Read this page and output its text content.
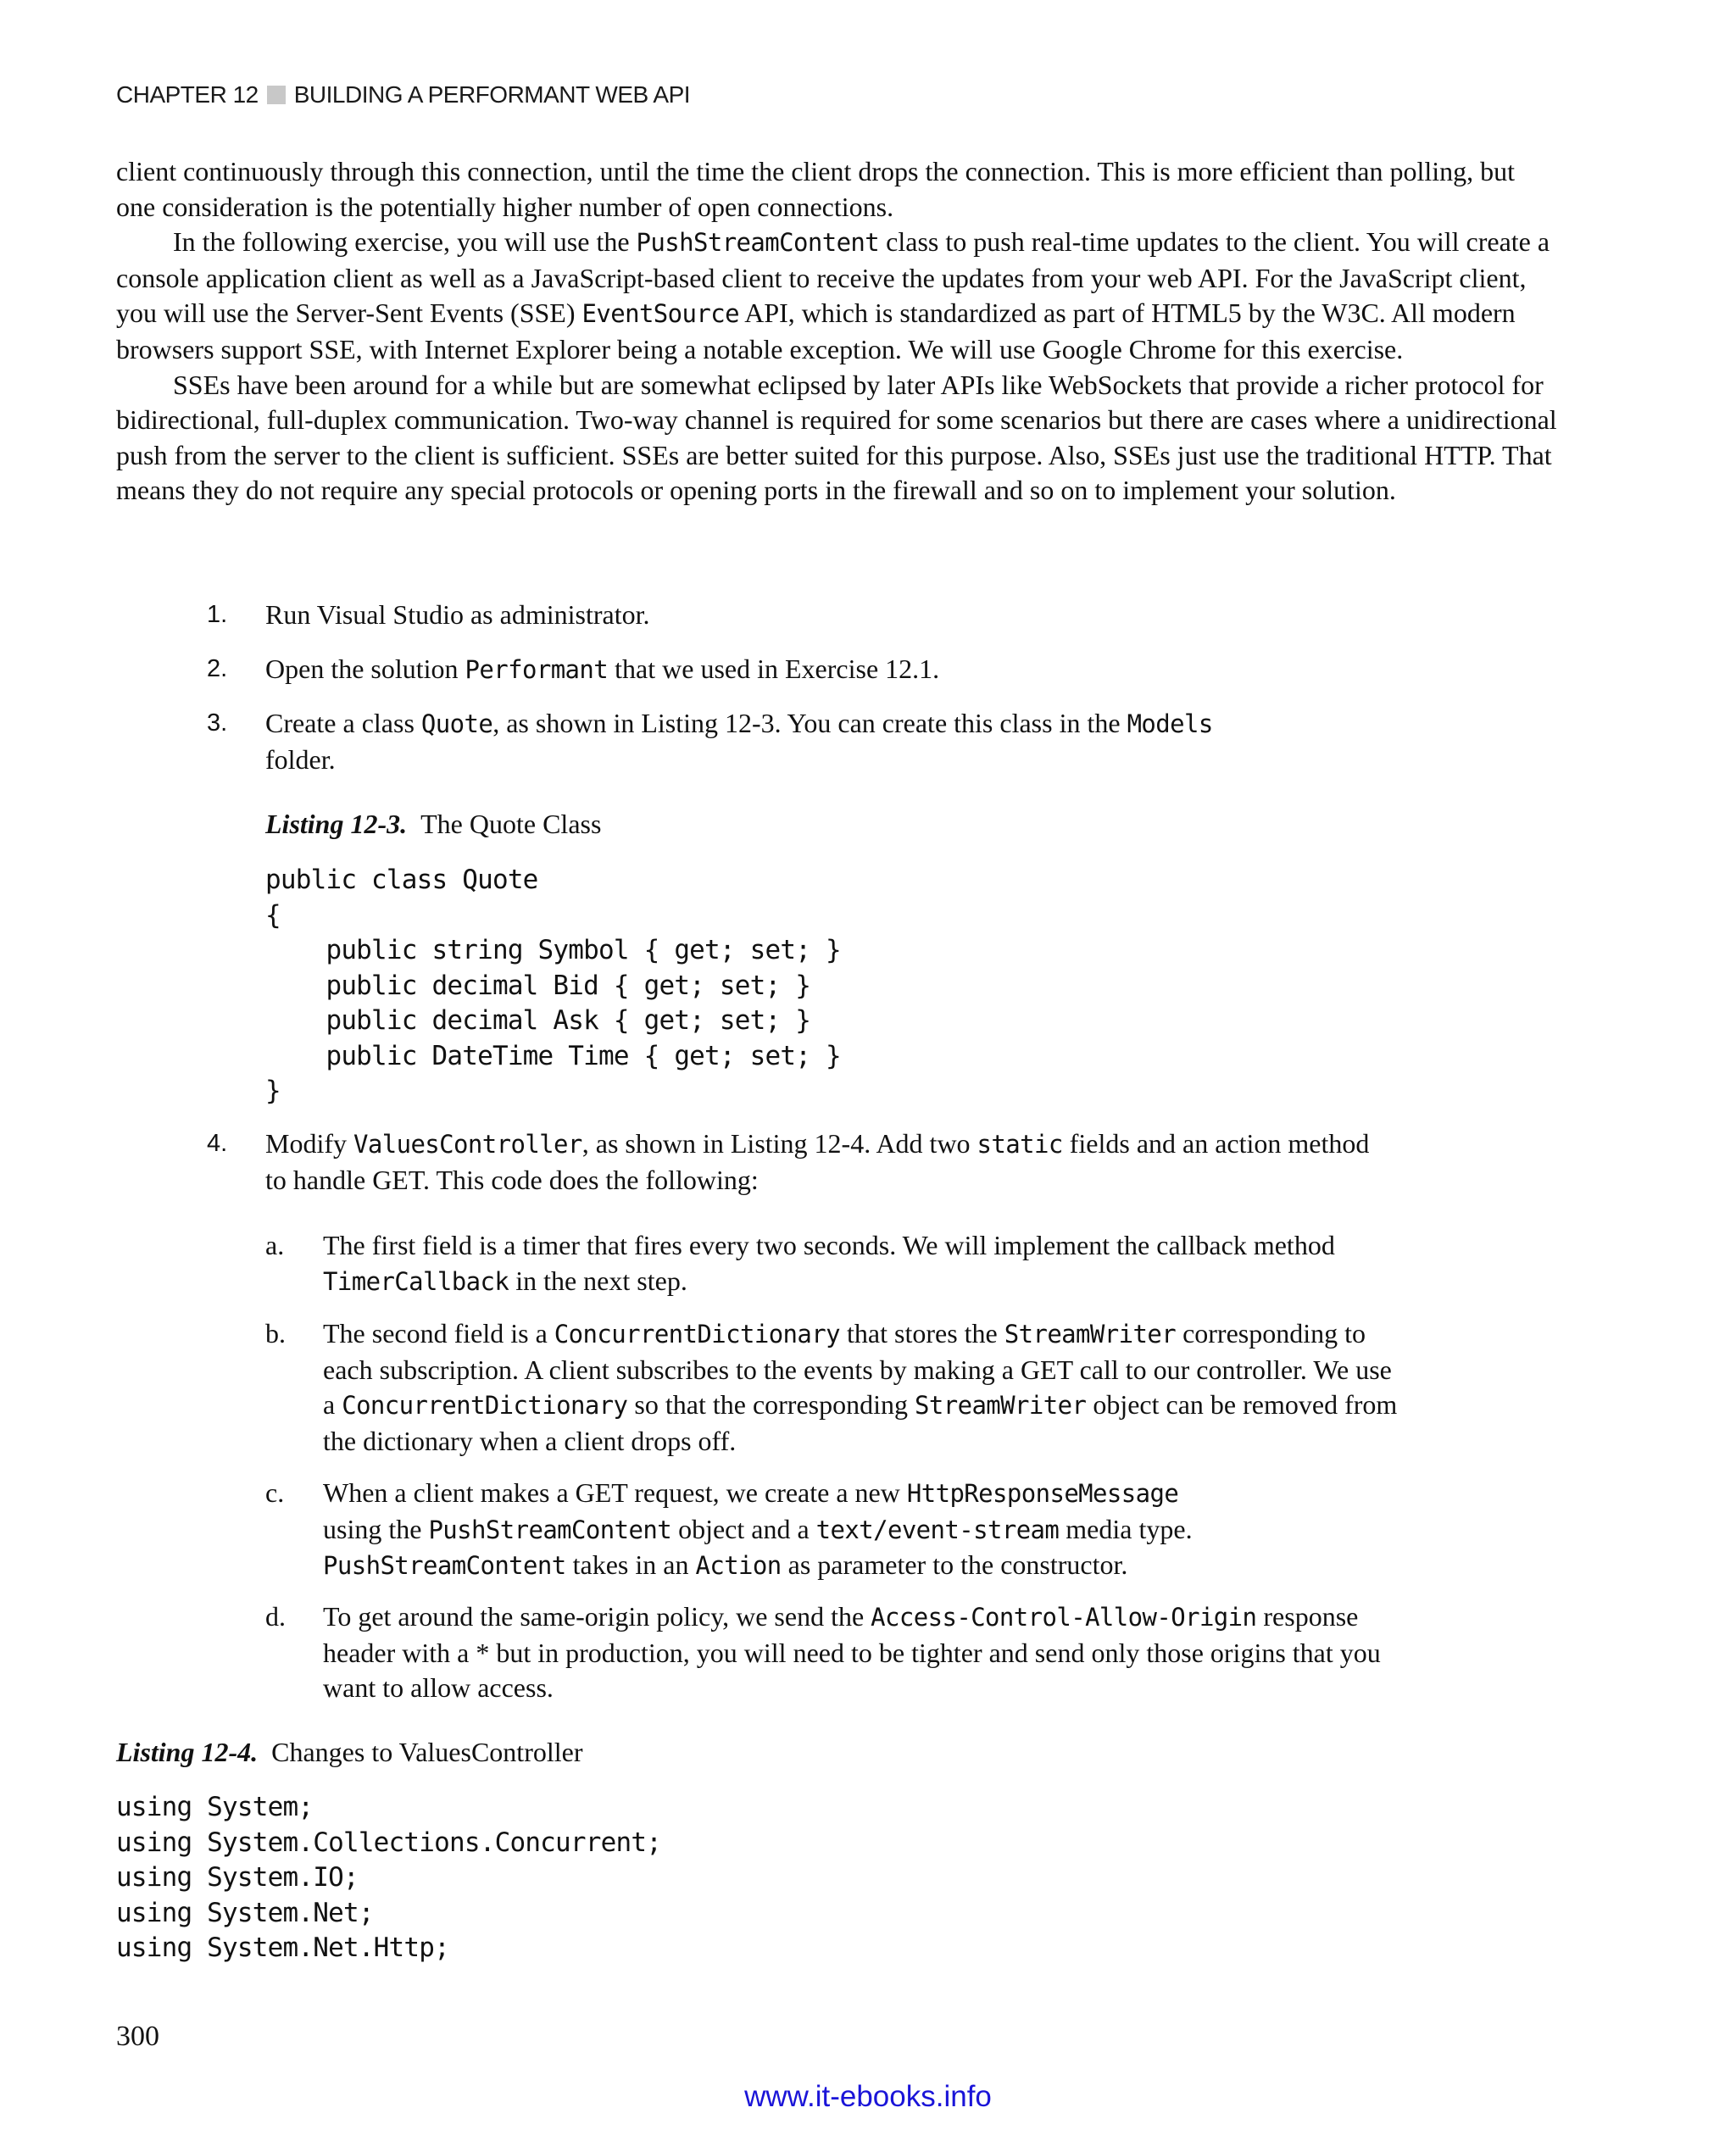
CHAPTER 12 BUILDING A PERFORMANT WEB API

client continuously through this connection, until the time the client drops the connection. This is more efficient than polling, but one consideration is the potentially higher number of open connections.

In the following exercise, you will use the PushStreamContent class to push real-time updates to the client. You will create a console application client as well as a JavaScript-based client to receive the updates from your web API. For the JavaScript client, you will use the Server-Sent Events (SSE) EventSource API, which is standardized as part of HTML5 by the W3C. All modern browsers support SSE, with Internet Explorer being a notable exception. We will use Google Chrome for this exercise.

SSEs have been around for a while but are somewhat eclipsed by later APIs like WebSockets that provide a richer protocol for bidirectional, full-duplex communication. Two-way channel is required for some scenarios but there are cases where a unidirectional push from the server to the client is sufficient. SSEs are better suited for this purpose. Also, SSEs just use the traditional HTTP. That means they do not require any special protocols or opening ports in the firewall and so on to implement your solution.

1. Run Visual Studio as administrator.
2. Open the solution Performant that we used in Exercise 12.1.
3. Create a class Quote, as shown in Listing 12-3. You can create this class in the Models folder.
Listing 12-3. The Quote Class
public class Quote
{
public string Symbol { get; set; }
public decimal Bid { get; set; }
public decimal Ask { get; set; }
public DateTime Time { get; set; }
}
4. Modify ValuesController, as shown in Listing 12-4. Add two static fields and an action method to handle GET. This code does the following:
a. The first field is a timer that fires every two seconds. We will implement the callback method TimerCallback in the next step.
b. The second field is a ConcurrentDictionary that stores the StreamWriter corresponding to each subscription. A client subscribes to the events by making a GET call to our controller. We use a ConcurrentDictionary so that the corresponding StreamWriter object can be removed from the dictionary when a client drops off.
c. When a client makes a GET request, we create a new HttpResponseMessage
using the PushStreamContent object and a text/event-stream media type.
PushStreamContent takes in an Action as parameter to the constructor.
d. To get around the same-origin policy, we send the Access-Control-Allow-Origin response header with a * but in production, you will need to be tighter and send only those origins that you want to allow access.
Listing 12-4. Changes to ValuesController
using System;
using System.Collections.Concurrent;
using System.IO;
using System.Net;
using System.Net.Http;
300
www.it-ebooks.info
